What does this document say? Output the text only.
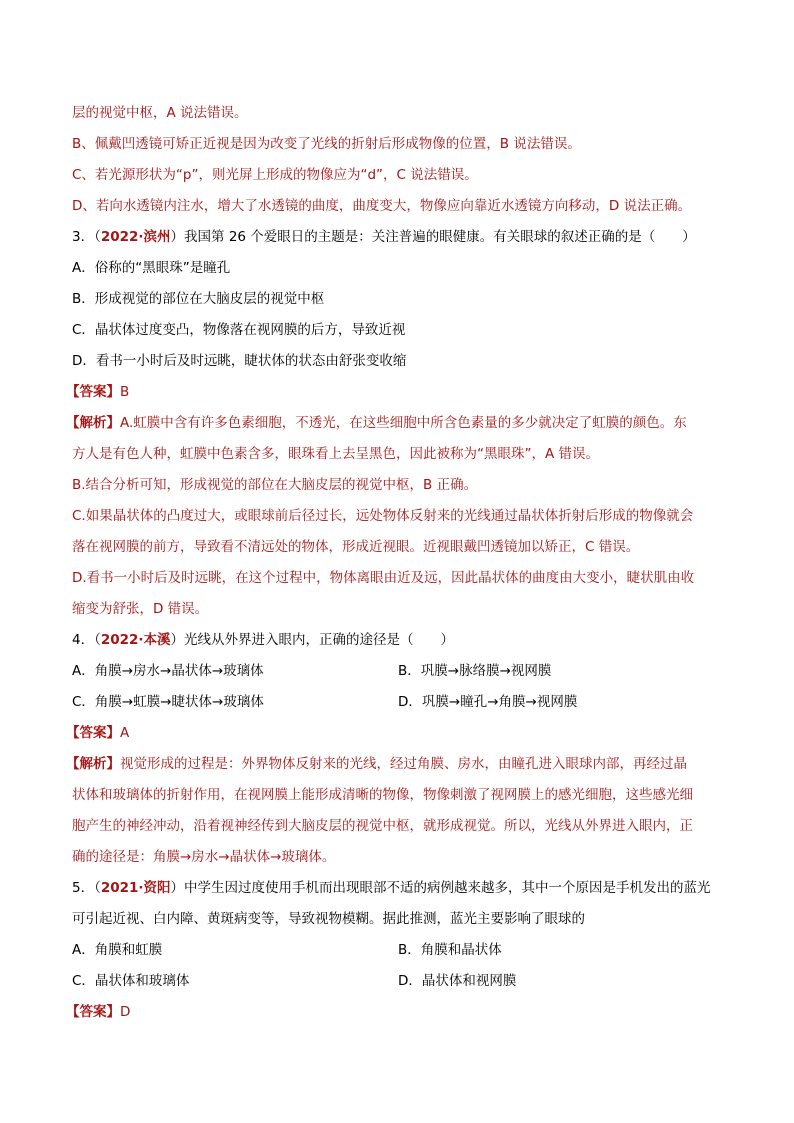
层的视觉中枢，A 说法错误。
B、佩戴凹透镜可矫正近视是因为改变了光线的折射后形成物像的位置，B 说法错误。
C、若光源形状为“p”，则光屏上形成的物像应为“d”，C 说法错误。
D、若向水透镜内注水，增大了水透镜的曲度，曲度变大，物像应向靠近水透镜方向移动，D 说法正确。
3．（2022·滨州）我国第 26 个爱眼日的主题是：关注普遍的眼健康。有关眼球的叙述正确的是（　　）
A．俗称的“黑眼珠”是瞳孔
B．形成视觉的部位在大脑皮层的视觉中枢
C．晶状体过度变凸，物像落在视网膜的后方，导致近视
D．看书一小时后及时远眺，睫状体的状态由舒张变收缩
【答案】B
【解析】A.虹膜中含有许多色素细胞，不透光，在这些细胞中所含色素量的多少就决定了虹膜的颜色。东
方人是有色人种，虹膜中色素含多，眼珠看上去呈黑色，因此被称为“黑眼珠”，A 错误。
B.结合分析可知，形成视觉的部位在大脑皮层的视觉中枢，B 正确。
C.如果晶状体的凸度过大，或眼球前后径过长，远处物体反射来的光线通过晶状体折射后形成的物像就会
落在视网膜的前方，导致看不清远处的物体，形成近视眼。近视眼戴凹透镜加以矫正，C 错误。
D.看书一小时后及时远眺，在这个过程中，物体离眼由近及远，因此晶状体的曲度由大变小，睫状肌由收
缩变为舒张，D 错误。
4．（2022·本溪）光线从外界进入眼内，正确的途径是（　　）
A．角膜→房水→晶状体→玻璃体	B．巩膜→脉络膜→视网膜
C．角膜→虹膜→睫状体→玻璃体	D．巩膜→瞳孔→角膜→视网膜
【答案】A
【解析】视觉形成的过程是：外界物体反射来的光线，经过角膜、房水，由瞳孔进入眼球内部，再经过晶
状体和玻璃体的折射作用，在视网膜上能形成清晰的物像，物像刺激了视网膜上的感光细胞，这些感光细
胞产生的神经冲动，沿着视神经传到大脑皮层的视觉中枢，就形成视觉。所以，光线从外界进入眼内，正
确的途径是：角膜→房水→晶状体→玻璃体。
5．（2021·资阳）中学生因过度使用手机而出现眼部不适的病例越来越多，其中一个原因是手机发出的蓝光
可引起近视、白内障、黄斑病变等，导致视物模糊。据此推测，蓝光主要影响了眼球的
A．角膜和虹膜	B．角膜和晶状体
C．晶状体和玻璃体	D．晶状体和视网膜
【答案】D
